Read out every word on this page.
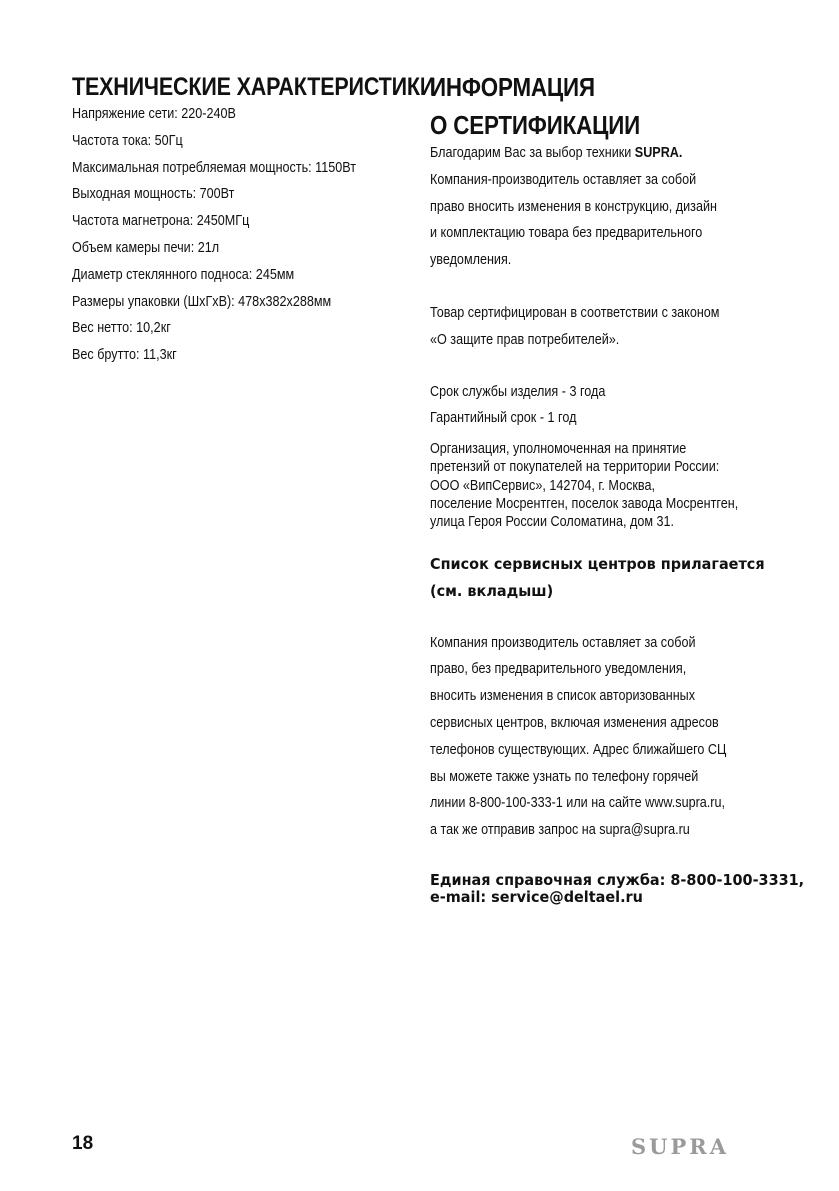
ТЕХНИЧЕСКИЕ ХАРАКТЕРИСТИКИ
Напряжение сети: 220-240В
Частота тока: 50Гц
Максимальная потребляемая мощность: 1150Вт
Выходная мощность: 700Вт
Частота магнетрона: 2450МГц
Объем камеры печи: 21л
Диаметр стеклянного подноса: 245мм
Размеры упаковки (ШхГхВ): 478х382х288мм
Вес нетто: 10,2кг
Вес брутто: 11,3кг
ИНФОРМАЦИЯ
О СЕРТИФИКАЦИИ
Благодарим Вас за выбор техники SUPRA.
Компания-производитель оставляет за собой
право вносить изменения в конструкцию, дизайн
и комплектацию товара без предварительного
уведомления.
Товар сертифицирован в соответствии с законом
«О защите прав потребителей».
Срок службы изделия - 3 года
Гарантийный срок - 1 год
Организация, уполномоченная на принятие
претензий от покупателей на территории России:
ООО «ВипСервис», 142704, г. Москва,
поселение Мосрентген, поселок завода Мосрентген,
улица Героя России Соломатина, дом 31.
Список сервисных центров прилагается
(см. вкладыш)
Компания производитель оставляет за собой
право, без предварительного уведомления,
вносить изменения в список авторизованных
сервисных центров, включая изменения адресов
телефонов существующих. Адрес ближайшего СЦ
вы можете также узнать по телефону горячей
линии 8-800-100-333-1 или на сайте www.supra.ru,
а так же отправив запрос на supra@supra.ru
Единая справочная служба: 8-800-100-3331,
e-mail: service@deltael.ru
18	SUPRA
